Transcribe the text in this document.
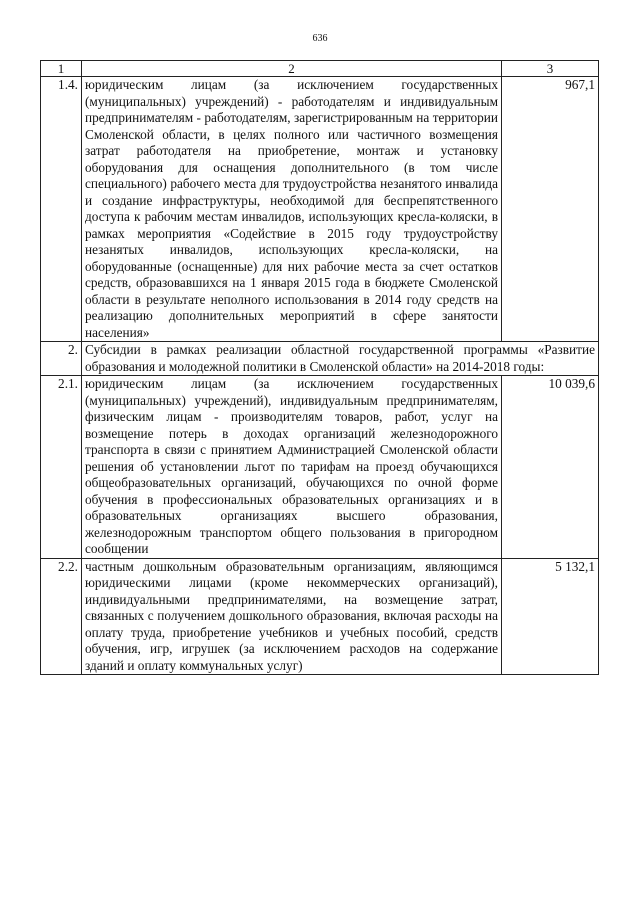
636
1	2	3
1.4.	юридическим лицам (за исключением государственных (муниципальных) учреждений) - работодателям и индивидуальным предпринимателям - работодателям, зарегистрированным на территории Смоленской области, в целях полного или частичного возмещения затрат работодателя на приобретение, монтаж и установку оборудования для оснащения дополнительного (в том числе специального) рабочего места для трудоустройства незанятого инвалида и создание инфраструктуры, необходимой для беспрепятственного доступа к рабочим местам инвалидов, использующих кресла-коляски, в рамках мероприятия «Содействие в 2015 году трудоустройству незанятых инвалидов, использующих кресла-коляски, на оборудованные (оснащенные) для них рабочие места за счет остатков средств, образовавшихся на 1 января 2015 года в бюджете Смоленской области в результате неполного использования в 2014 году средств на реализацию дополнительных мероприятий в сфере занятости населения»	967,1
2.	Субсидии в рамках реализации областной государственной программы «Развитие образования и молодежной политики в Смоленской области» на 2014-2018 годы:	
2.1.	юридическим лицам (за исключением государственных (муниципальных) учреждений), индивидуальным предпринимателям, физическим лицам - производителям товаров, работ, услуг на возмещение потерь в доходах организаций железнодорожного транспорта в связи с принятием Администрацией Смоленской области решения об установлении льгот по тарифам на проезд обучающихся общеобразовательных организаций, обучающихся по очной форме обучения в профессиональных образовательных организациях и в образовательных организациях высшего образования, железнодорожным транспортом общего пользования в пригородном сообщении	10 039,6
2.2.	частным дошкольным образовательным организациям, являющимся юридическими лицами (кроме некоммерческих организаций), индивидуальными предпринимателями, на возмещение затрат, связанных с получением дошкольного образования, включая расходы на оплату труда, приобретение учебников и учебных пособий, средств обучения, игр, игрушек (за исключением расходов на содержание зданий и оплату коммунальных услуг)	5 132,1
